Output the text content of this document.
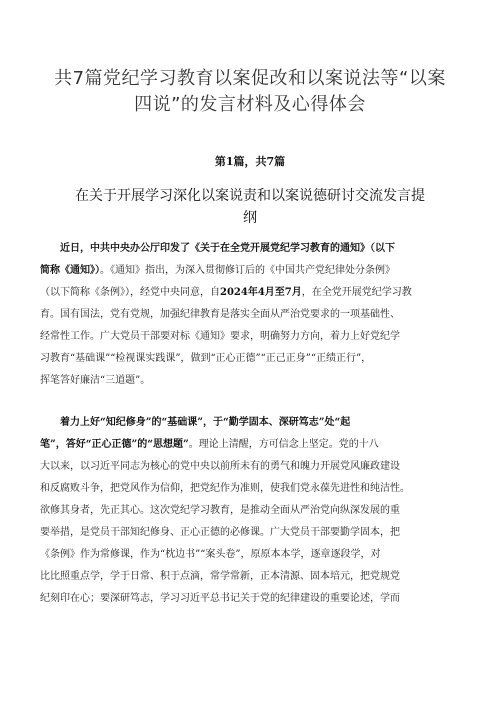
共7篇党纪学习教育以案促改和以案说法等“以案
四说”的发言材料及心得体会
第1篇，共7篇
在关于开展学习深化以案说责和以案说德研讨交流发言提
纲
近日，中共中央办公厅印发了《关于在全党开展党纪学习教育的通知》（以下
简称《通知》）。《通知》指出，为深入贯彻修订后的《中国共产党纪律处分条例》
（以下简称《条例》），经党中央同意，自2024年4月至7月，在全党开展党纪学习教
育。国有国法，党有党规，加强纪律教育是落实全面从严治党要求的一项基础性、
经常性工作。广大党员干部要对标《通知》要求，明确努力方向，着力上好党纪学
习教育“基础课”“检视课实践课”，做到“正心正德”“正己正身”“正绩正行”，
挥笔答好廉洁“三道题”。
着力上好“知纪修身”的“基础课”，于“勤学固本、深研笃志”处“起
笔”，答好“正心正德”的“思想题”。理论上清醒，方可信念上坚定。党的十八
大以来，以习近平同志为核心的党中央以前所未有的勇气和魄力开展党风廉政建设
和反腐败斗争，把党风作为信仰，把党纪作为准则，使我们党永葆先进性和纯洁性。
欲修其身者，先正其心。这次党纪学习教育，是推动全面从严治党向纵深发展的重
要举措，是党员干部知纪修身、正心正德的必修课。广大党员干部要勤学固本，把
《条例》作为常修课，作为“枕边书”“案头卷”，原原本本学，逐章逐段学，对
比比照重点学，学于日常、积于点滴，常学常新，正本清源、固本培元，把党规党
纪刻印在心；要深研笃志，学习习近平总书记关于党的纪律建设的重要论述，学而
